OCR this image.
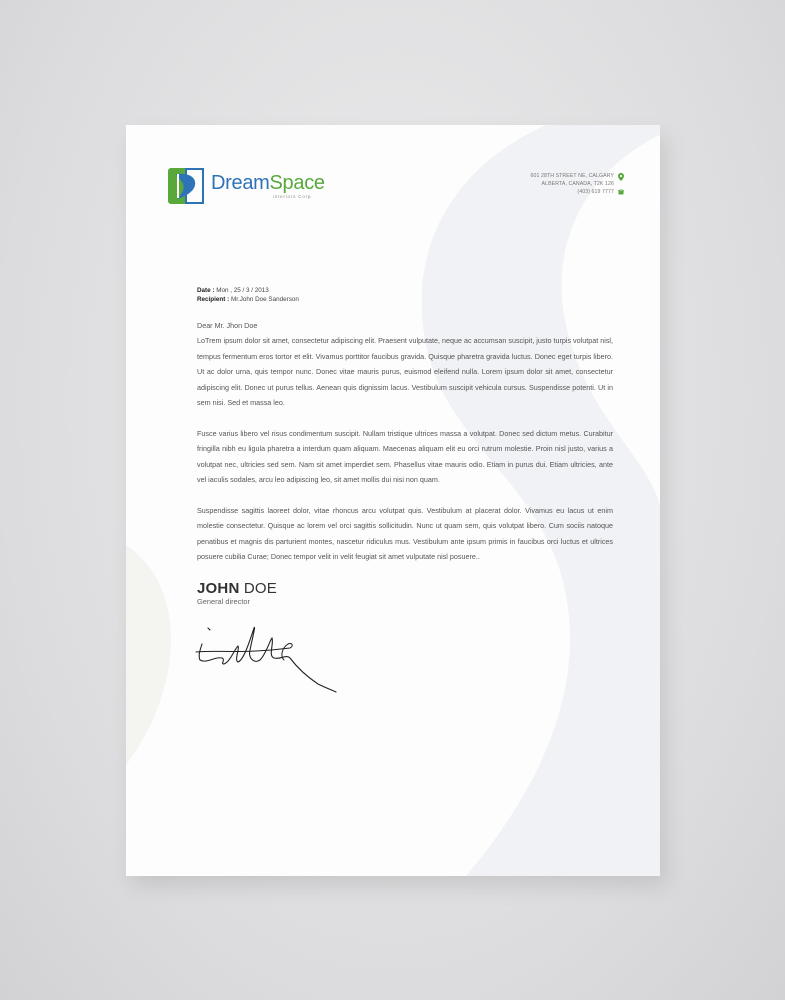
DreamSpace
interiors Corp.
601 28TH STREET NE, CALGARY
ALBERTA, CANADA, T2K 126
(403) 619 7777
Date : Mon , 25 / 3 / 2013
Recipient : Mr.John Doe Sanderson

Dear Mr. Jhon Doe

LoTrem ipsum dolor sit amet, consectetur adipiscing elit. Praesent vulputate, neque ac accumsan suscipit, justo turpis volutpat nisl, tempus fermentum eros tortor et elit. Vivamus porttitor faucibus gravida. Quisque pharetra gravida luctus. Donec eget turpis libero. Ut ac dolor urna, quis tempor nunc. Donec vitae mauris purus, euismod eleifend nulla. Lorem ipsum dolor sit amet, consectetur adipiscing elit. Donec ut purus tellus. Aenean quis dignissim lacus. Vestibulum suscipit vehicula cursus. Suspendisse potenti. Ut in sem nisi. Sed et massa leo.

Fusce varius libero vel risus condimentum suscipit. Nullam tristique ultrices massa a volutpat. Donec sed dictum metus. Curabitur fringilla nibh eu ligula pharetra a interdum quam aliquam. Maecenas aliquam elit eu orci rutrum molestie. Proin nisl justo, varius a volutpat nec, ultricies sed sem. Nam sit amet imperdiet sem. Phasellus vitae mauris odio. Etiam in purus dui. Etiam ultricies, ante vel iaculis sodales, arcu leo adipiscing leo, sit amet mollis dui nisi non quam.

Suspendisse sagittis laoreet dolor, vitae rhoncus arcu volutpat quis. Vestibulum at placerat dolor. Vivamus eu lacus ut enim molestie consectetur. Quisque ac lorem vel orci sagittis sollicitudin. Nunc ut quam sem, quis volutpat libero. Cum sociis natoque penatibus et magnis dis parturient montes, nascetur ridiculus mus. Vestibulum ante ipsum primis in faucibus orci luctus et ultrices posuere cubilia Curae; Donec tempor velit in velit feugiat sit amet vulputate nisl posuere..

JOHN DOE
General director
